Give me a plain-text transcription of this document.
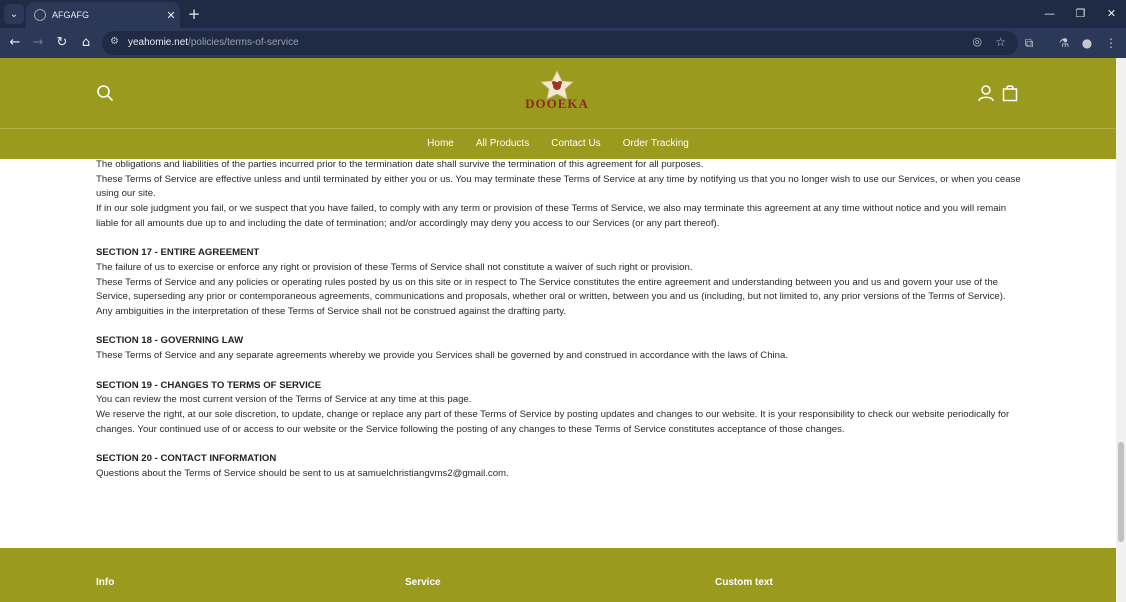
⌄	AFGAFG	✕ +	—	❐	✕
← →	↻	⌂	⚙ yeahomie.net/policies/terms-of-service	◎ ☆	⧉	⚗	●	⋮

The obligations and liabilities of the parties incurred prior to the termination date shall survive the termination of this agreement for all purposes.

These Terms of Service are effective unless and until terminated by either you or us. You may terminate these Terms of Service at any time by notifying us that you no longer wish to use our Services, or when you cease using our site.

If in our sole judgment you fail, or we suspect that you have failed, to comply with any term or provision of these Terms of Service, we also may terminate this agreement at any time without notice and you will remain liable for all amounts due up to and including the date of termination; and/or accordingly may deny you access to our Services (or any part thereof).

SECTION 17 - ENTIRE AGREEMENT

The failure of us to exercise or enforce any right or provision of these Terms of Service shall not constitute a waiver of such right or provision.

These Terms of Service and any policies or operating rules posted by us on this site or in respect to The Service constitutes the entire agreement and understanding between you and us and govern your use of the Service, superseding any prior or contemporaneous agreements, communications and proposals, whether oral or written, between you and us (including, but not limited to, any prior versions of the Terms of Service).

Any ambiguities in the interpretation of these Terms of Service shall not be construed against the drafting party.

SECTION 18 - GOVERNING LAW

These Terms of Service and any separate agreements whereby we provide you Services shall be governed by and construed in accordance with the laws of China.

SECTION 19 - CHANGES TO TERMS OF SERVICE

You can review the most current version of the Terms of Service at any time at this page.

We reserve the right, at our sole discretion, to update, change or replace any part of these Terms of Service by posting updates and changes to our website. It is your responsibility to check our website periodically for changes. Your continued use of or access to our website or the Service following the posting of any changes to these Terms of Service constitutes acceptance of those changes.

SECTION 20 - CONTACT INFORMATION

Questions about the Terms of Service should be sent to us at samuelchristiangvms2@gmail.com.

DOOEKA
Home	All Products	Contact Us	Order Tracking
Info	Service	Custom text
